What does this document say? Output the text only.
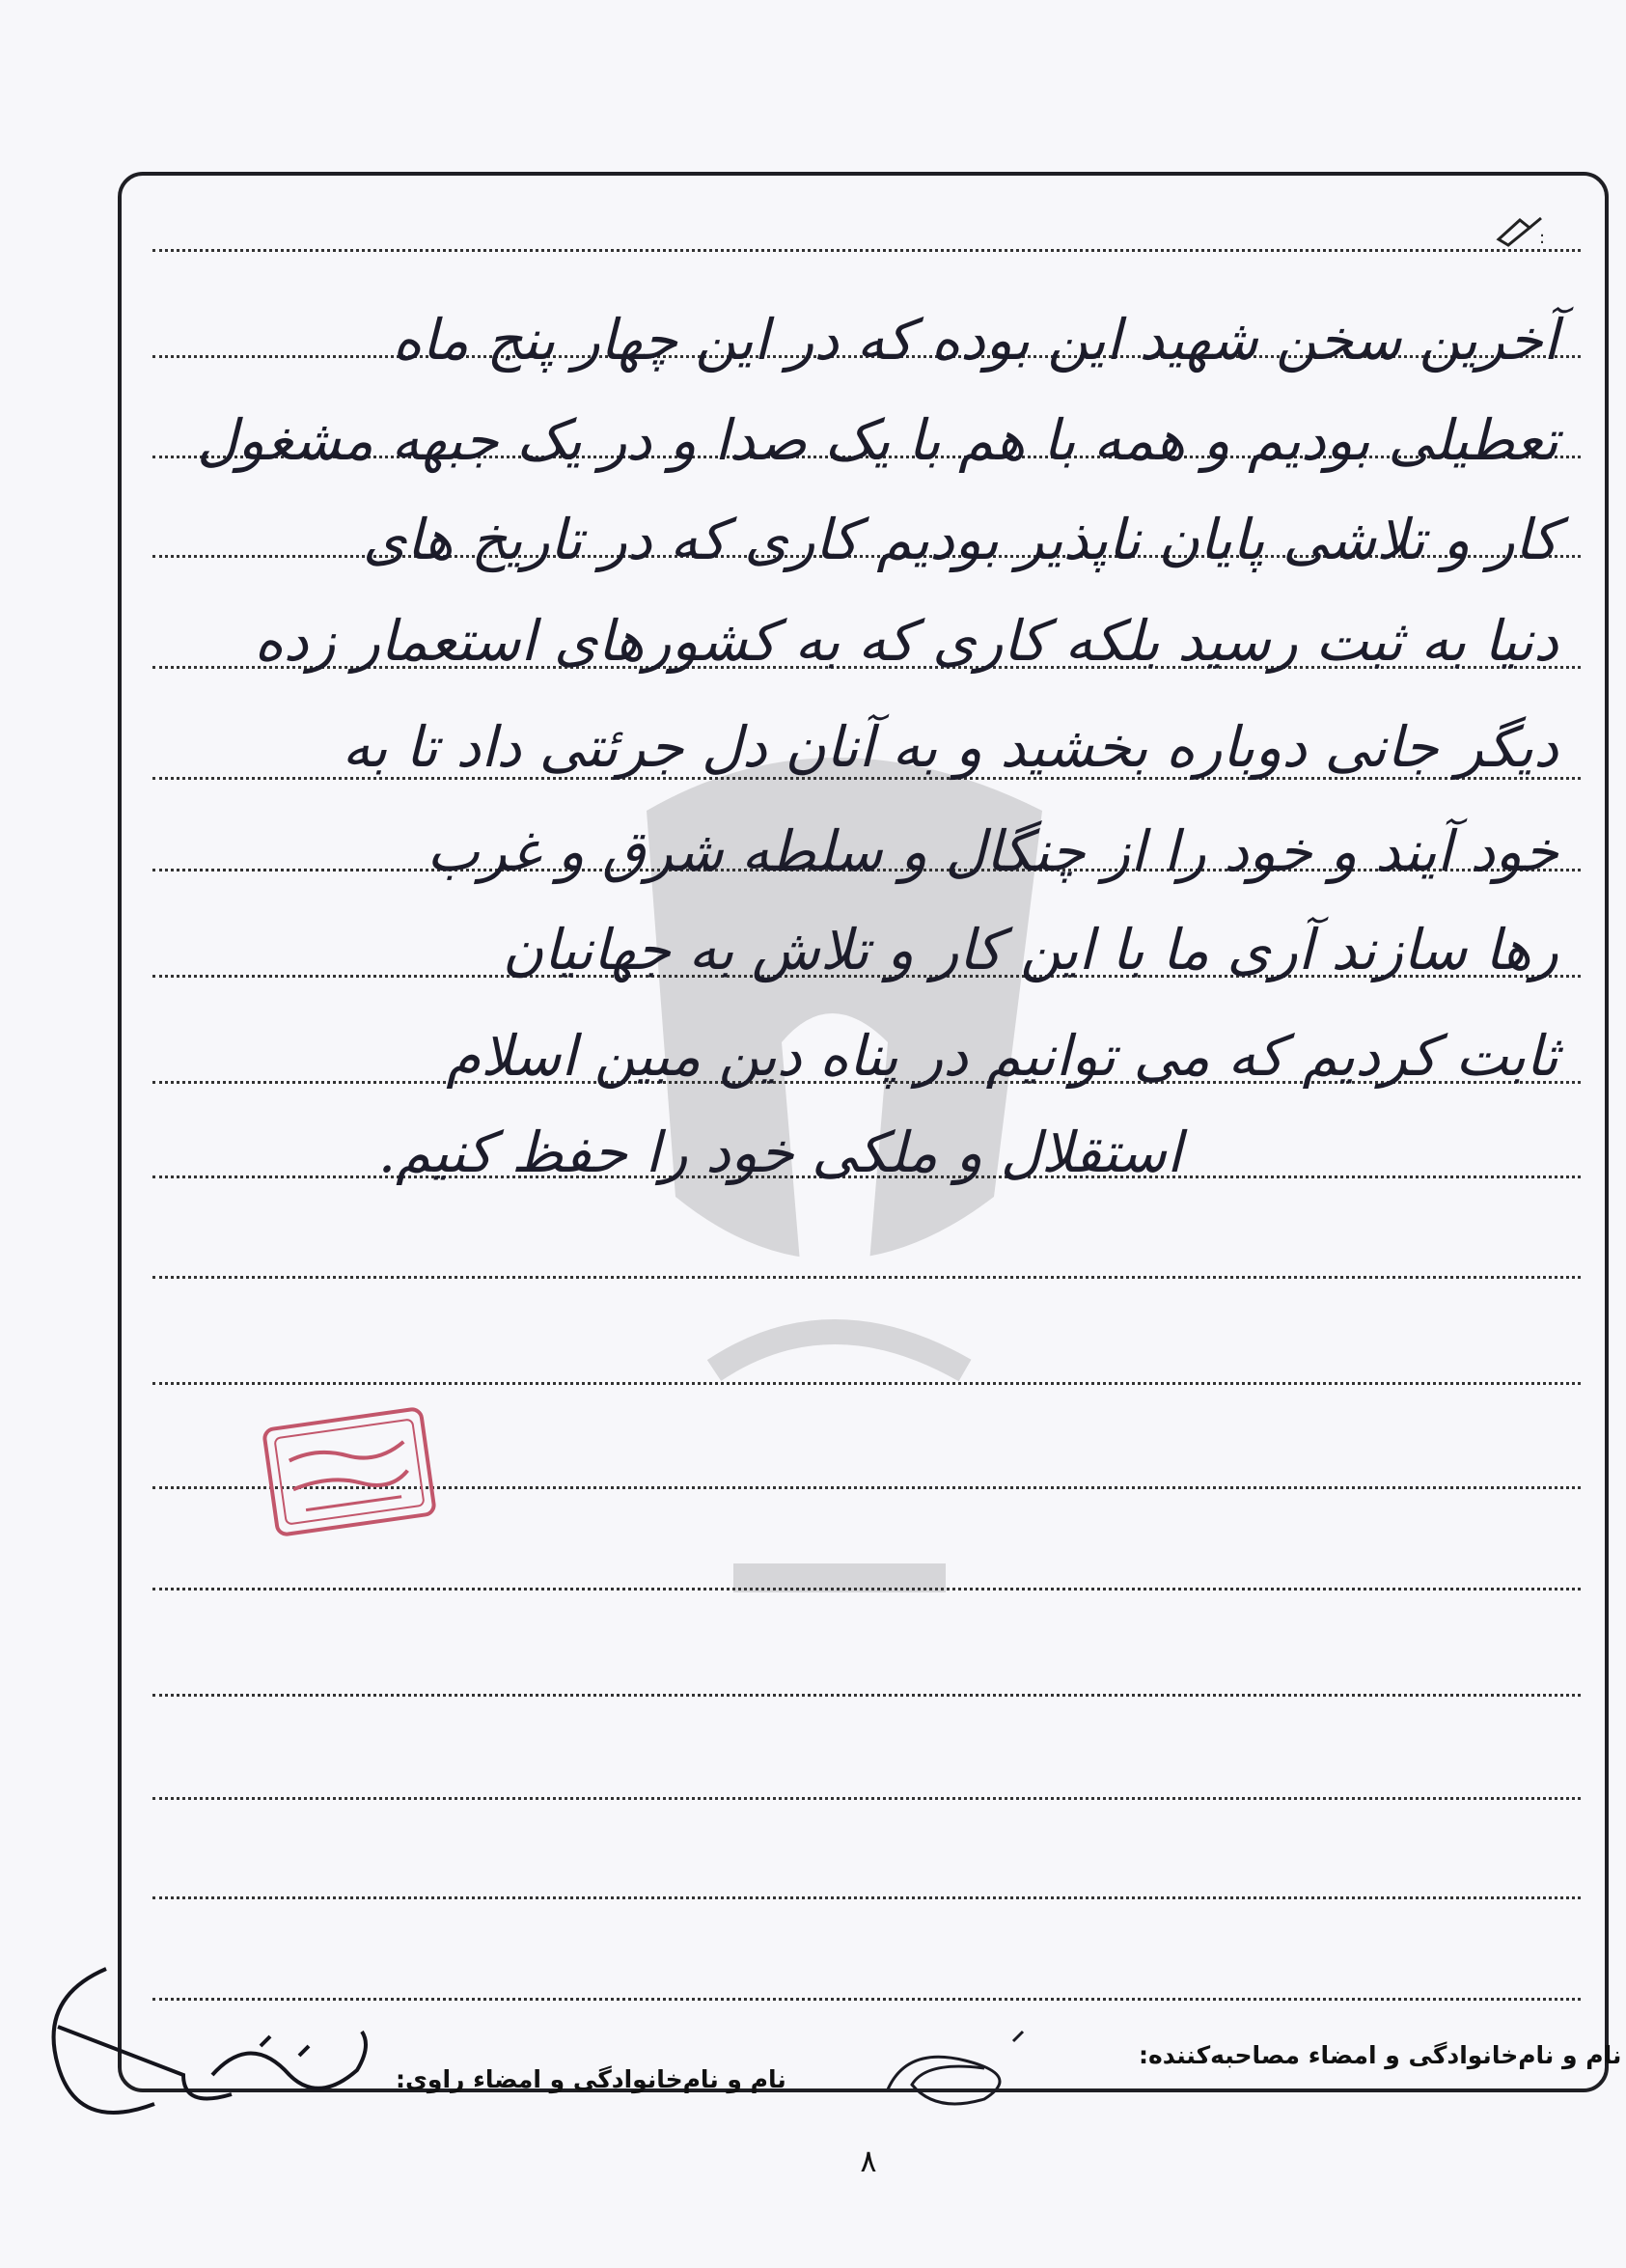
:
آخرین سخن شهید این بوده که در این چهار پنج ماه
تعطیلی بودیم و همه با هم با یک صدا و در یک جبهه مشغول
کار و تلاشی پایان ناپذیر بودیم کاری که در تاریخ های
دنیا به ثبت رسید بلکه کاری که به کشورهای استعمار زده
دیگر جانی دوباره بخشید و به آنان دل جرئتی داد تا به
خود آیند و خود را از چنگال و سلطه شرق و غرب
رها سازند آری ما با این کار و تلاش به جهانیان
ثابت کردیم که می توانیم در پناه دین مبین اسلام
استقلال و ملکی خود را حفظ کنیم.
نام و نام‌خانوادگی و امضاء مصاحبه‌کننده:
نام و نام‌خانوادگی و امضاء راوی:
۸
